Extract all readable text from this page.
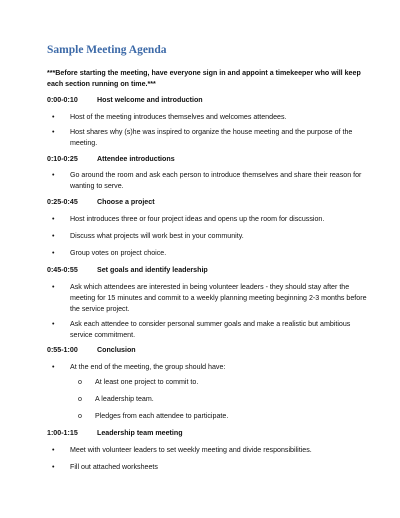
Sample Meeting Agenda
***Before starting the meeting, have everyone sign in and appoint a timekeeper who will keep each section running on time.***
0:00-0:10	Host welcome and introduction
• Host of the meeting introduces themselves and welcomes attendees.
• Host shares why (s)he was inspired to organize the house meeting and the purpose of the meeting.
0:10-0:25	Attendee introductions
• Go around the room and ask each person to introduce themselves and share their reason for wanting to serve.
0:25-0:45	Choose a project
• Host introduces three or four project ideas and opens up the room for discussion.
• Discuss what projects will work best in your community.
• Group votes on project choice.
0:45-0:55	Set goals and identify leadership
• Ask which attendees are interested in being volunteer leaders - they should stay after the meeting for 15 minutes and commit to a weekly planning meeting beginning 2-3 months before the service project.
• Ask each attendee to consider personal summer goals and make a realistic but ambitious service commitment.
0:55-1:00	Conclusion
• At the end of the meeting, the group should have:
o At least one project to commit to.
o A leadership team.
o Pledges from each attendee to participate.
1:00-1:15	Leadership team meeting
• Meet with volunteer leaders to set weekly meeting and divide responsibilities.
• Fill out attached worksheets
